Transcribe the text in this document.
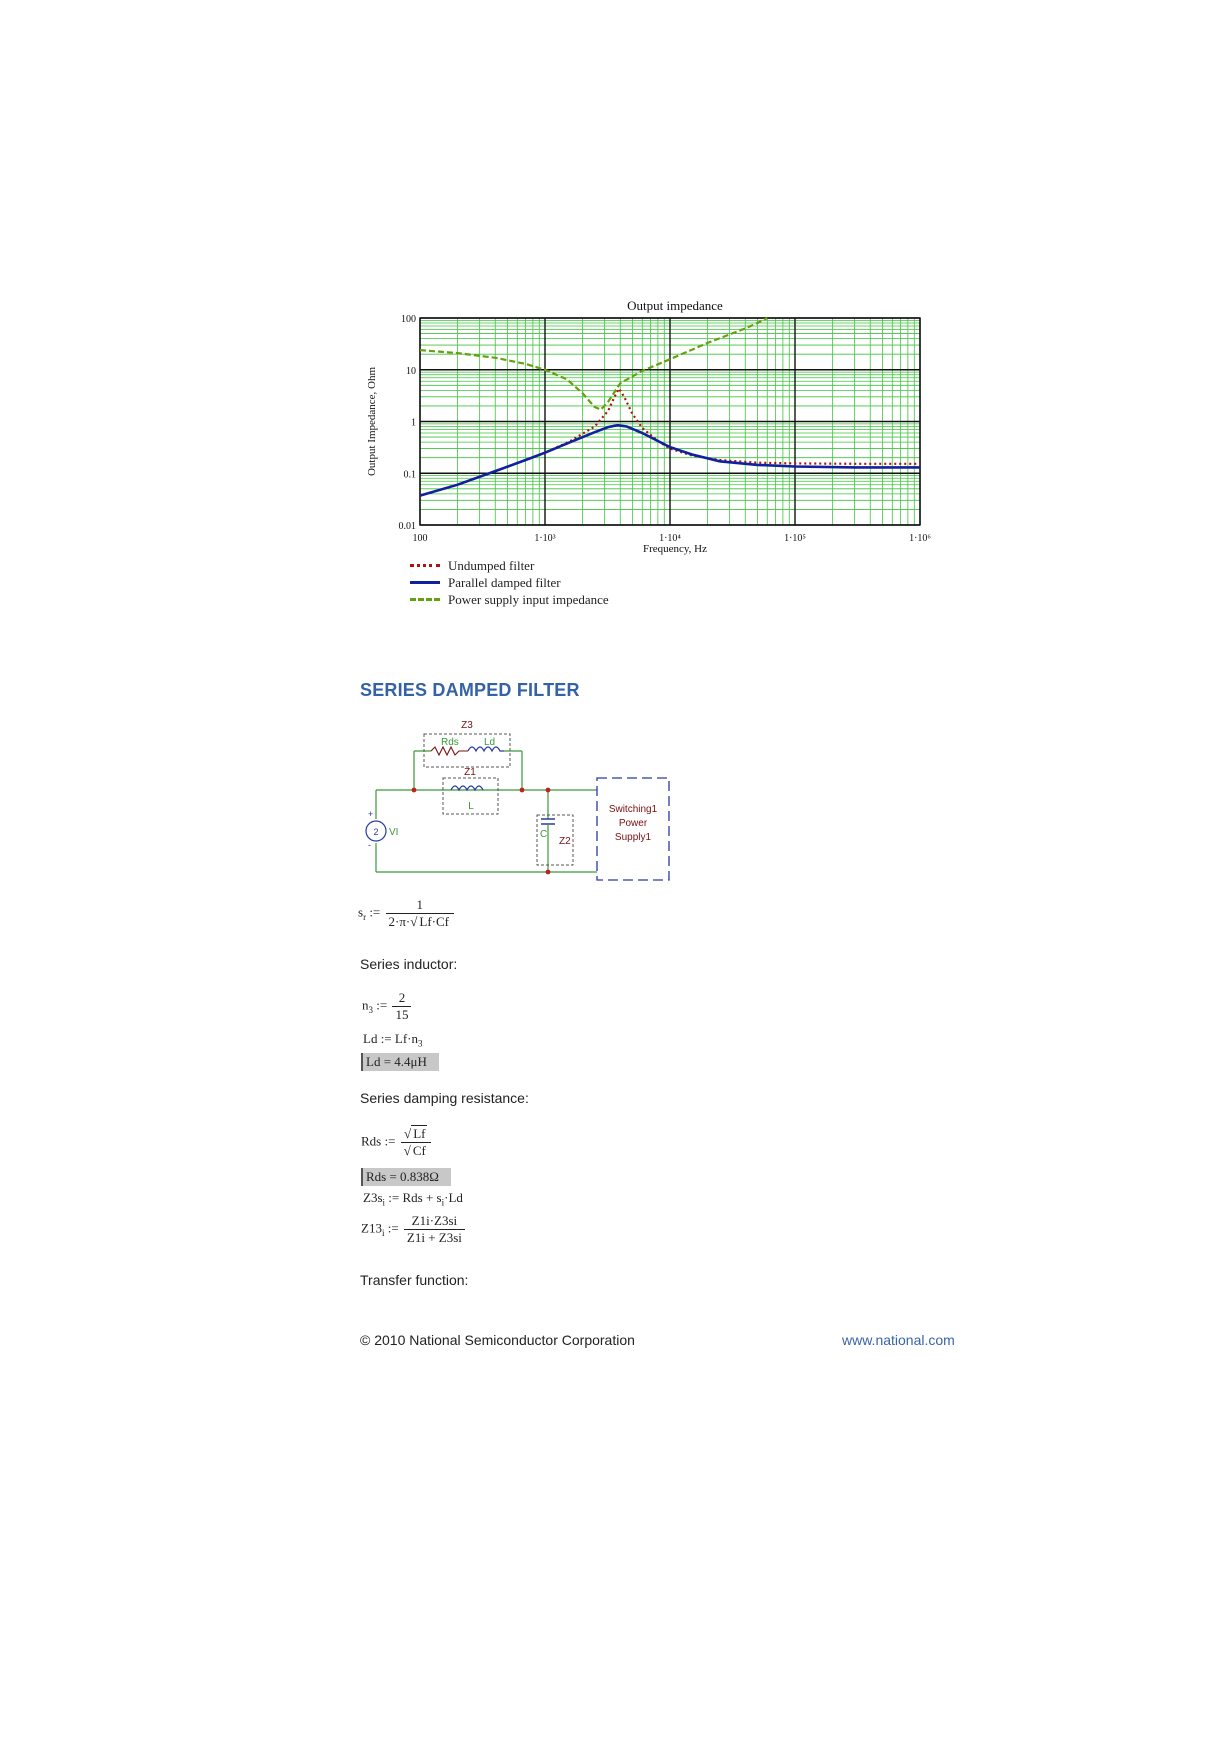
Output impedance
100	1·10³	1·10⁴	1·10⁵	1·10⁶
100
10
1
0.1
0.01
Frequency, Hz
Output Impedance, Ohm
Undumped filter
Parallel damped filter
Power supply input impedance
SERIES DAMPED FILTER
2
Z3
Rds	Ld
Z1
L
C
Z2
VI
+
-
Switching1
Power
Supply1
$s_r$ := $\frac{1}{2\cdot\pi\cdot√ Lf\cdot Cf}$
Series inductor:
$n_3$ := $\frac{2}{15}$
Ld := $Lf\cdot n_3$
Ld = 4.4μH
Series damping resistance:
Rds := $\frac{√ Lf}{√ Cf}$
Rds = 0.838Ω
$Z3s_i$ := Rds + $s_i\cdot Ld$
$Z13_i$ := $\frac{Z1i\cdot Z3si}{Z1i + Z3si}$
Transfer function:
© 2010 National Semiconductor Corporation	www.national.com
